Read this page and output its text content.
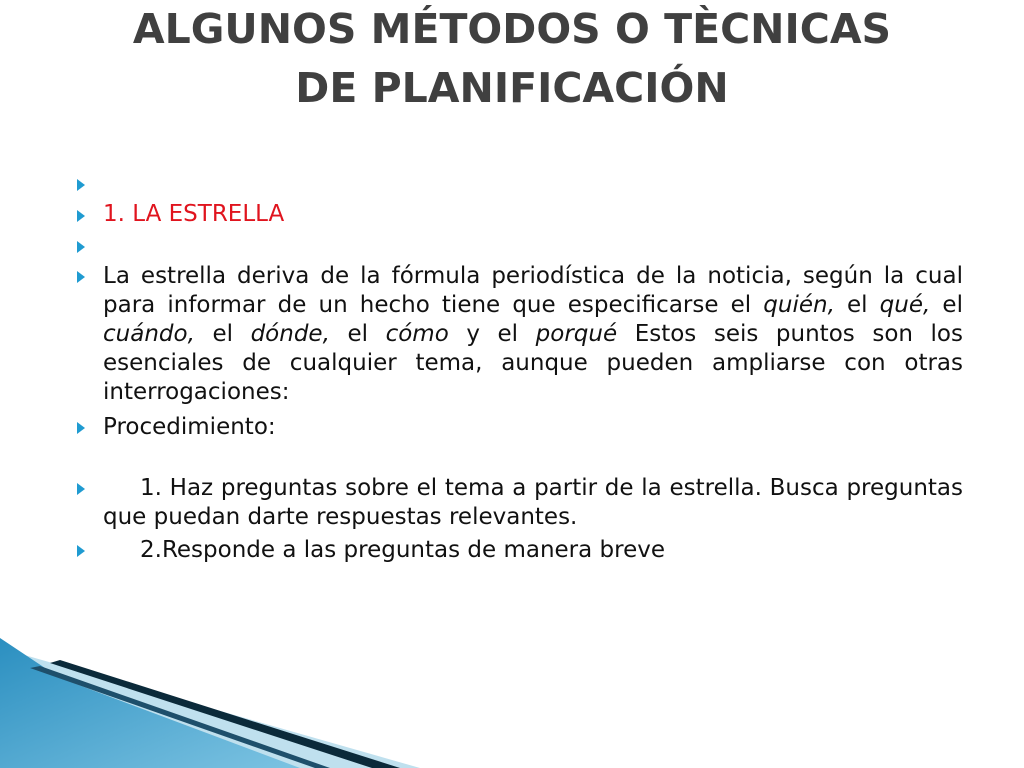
ALGUNOS MÉTODOS O TÈCNICAS
DE PLANIFICACIÓN
1. LA ESTRELLA
La estrella deriva de la fórmula periodística de la noticia, según la cual para informar de un hecho tiene que especificarse el quién, el qué, el cuándo, el dónde, el cómo y el porqué Estos seis puntos son los esenciales de cualquier tema, aunque pueden ampliarse con otras interrogaciones:
Procedimiento:
1. Haz preguntas sobre el tema a partir de la estrella. Busca preguntas que puedan darte respuestas relevantes.
2.Responde a las preguntas de manera breve
